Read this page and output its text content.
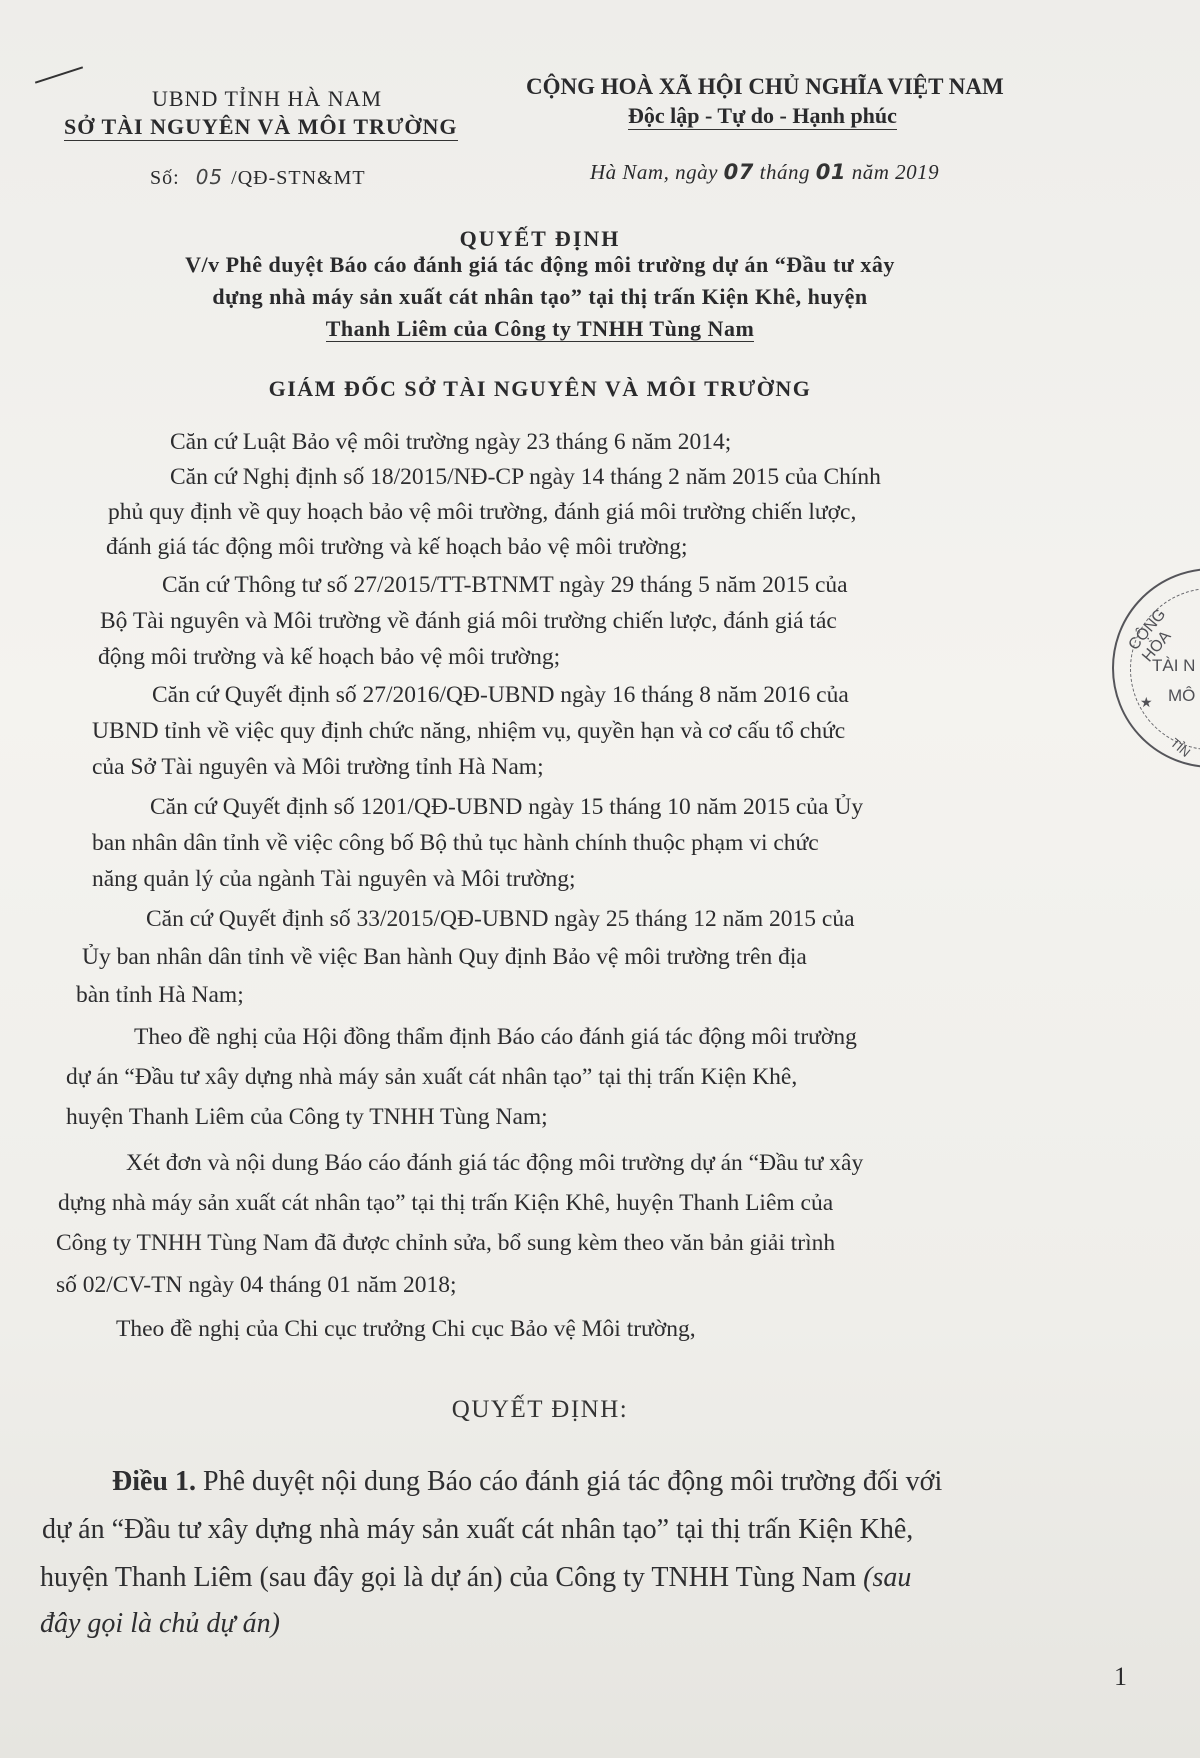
UBND TỈNH HÀ NAM
SỞ TÀI NGUYÊN VÀ MÔI TRƯỜNG
CỘNG HOÀ XÃ HỘI CHỦ NGHĨA VIỆT NAM
Độc lập - Tự do - Hạnh phúc
Số: 05 /QĐ-STN&MT	Hà Nam, ngày 07 tháng 01 năm 2019
QUYẾT ĐỊNH
V/v Phê duyệt Báo cáo đánh giá tác động môi trường dự án “Đầu tư xây
dựng nhà máy sản xuất cát nhân tạo” tại thị trấn Kiện Khê, huyện
Thanh Liêm của Công ty TNHH Tùng Nam
GIÁM ĐỐC SỞ TÀI NGUYÊN VÀ MÔI TRƯỜNG
Căn cứ Luật Bảo vệ môi trường ngày 23 tháng 6 năm 2014;
Căn cứ Nghị định số 18/2015/NĐ-CP ngày 14 tháng 2 năm 2015 của Chính
phủ quy định về quy hoạch bảo vệ môi trường, đánh giá môi trường chiến lược,
đánh giá tác động môi trường và kế hoạch bảo vệ môi trường;
Căn cứ Thông tư số 27/2015/TT-BTNMT ngày 29 tháng 5 năm 2015 của
Bộ Tài nguyên và Môi trường về đánh giá môi trường chiến lược, đánh giá tác
động môi trường và kế hoạch bảo vệ môi trường;
Căn cứ Quyết định số 27/2016/QĐ-UBND ngày 16 tháng 8 năm 2016 của
UBND tỉnh về việc quy định chức năng, nhiệm vụ, quyền hạn và cơ cấu tổ chức
của Sở Tài nguyên và Môi trường tỉnh Hà Nam;
Căn cứ Quyết định số 1201/QĐ-UBND ngày 15 tháng 10 năm 2015 của Ủy
ban nhân dân tỉnh về việc công bố Bộ thủ tục hành chính thuộc phạm vi chức
năng quản lý của ngành Tài nguyên và Môi trường;
Căn cứ Quyết định số 33/2015/QĐ-UBND ngày 25 tháng 12 năm 2015 của
Ủy ban nhân dân tỉnh về việc Ban hành Quy định Bảo vệ môi trường trên địa
bàn tỉnh Hà Nam;
Theo đề nghị của Hội đồng thẩm định Báo cáo đánh giá tác động môi trường
dự án “Đầu tư xây dựng nhà máy sản xuất cát nhân tạo” tại thị trấn Kiện Khê,
huyện Thanh Liêm của Công ty TNHH Tùng Nam;
Xét đơn và nội dung Báo cáo đánh giá tác động môi trường dự án “Đầu tư xây
dựng nhà máy sản xuất cát nhân tạo” tại thị trấn Kiện Khê, huyện Thanh Liêm của
Công ty TNHH Tùng Nam đã được chỉnh sửa, bổ sung kèm theo văn bản giải trình
số 02/CV-TN ngày 04 tháng 01 năm 2018;
Theo đề nghị của Chi cục trưởng Chi cục Bảo vệ Môi trường,
QUYẾT ĐỊNH:
Điều 1. Phê duyệt nội dung Báo cáo đánh giá tác động môi trường đối với
dự án “Đầu tư xây dựng nhà máy sản xuất cát nhân tạo” tại thị trấn Kiện Khê,
huyện Thanh Liêm (sau đây gọi là dự án) của Công ty TNHH Tùng Nam (sau
đây gọi là chủ dự án)
1
CỘNG HÒA
TÀI N
MÔ
★
TỈN
